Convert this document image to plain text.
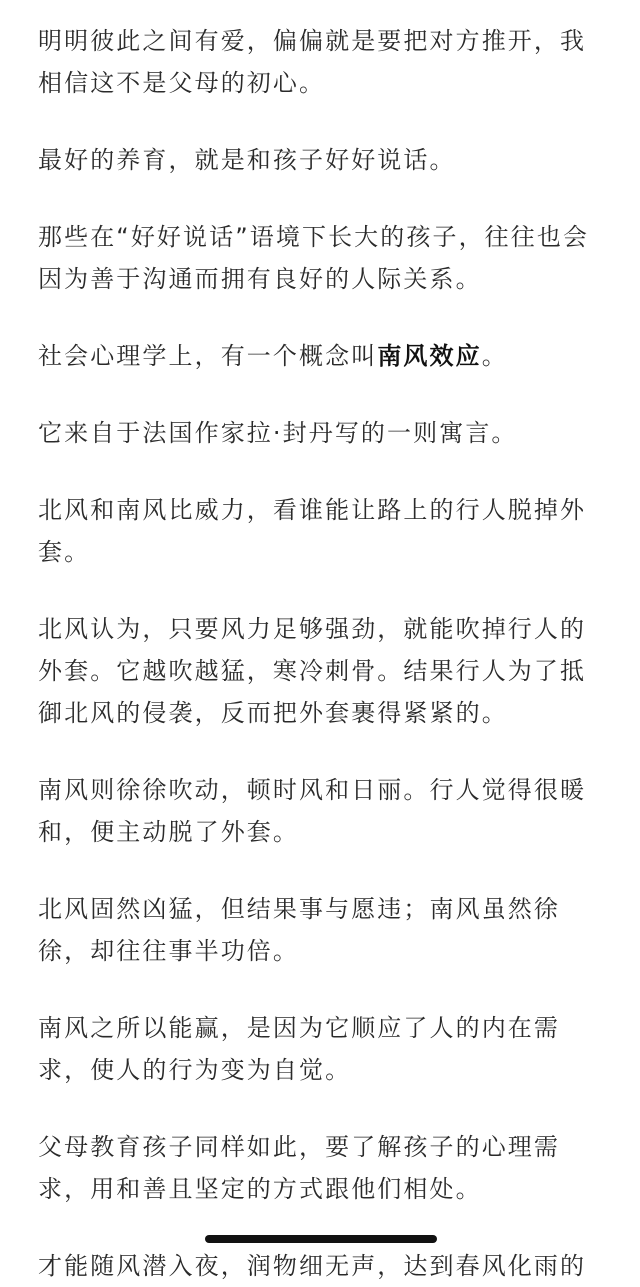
明明彼此之间有爱，偏偏就是要把对方推开，我相信这不是父母的初心。

最好的养育，就是和孩子好好说话。

那些在“好好说话”语境下长大的孩子，往往也会因为善于沟通而拥有良好的人际关系。

社会心理学上，有一个概念叫南风效应。

它来自于法国作家拉·封丹写的一则寓言。

北风和南风比威力，看谁能让路上的行人脱掉外套。

北风认为，只要风力足够强劲，就能吹掉行人的外套。它越吹越猛，寒冷刺骨。结果行人为了抵御北风的侵袭，反而把外套裹得紧紧的。

南风则徐徐吹动，顿时风和日丽。行人觉得很暖和，便主动脱了外套。

北风固然凶猛，但结果事与愿违；南风虽然徐徐，却往往事半功倍。

南风之所以能赢，是因为它顺应了人的内在需求，使人的行为变为自觉。

父母教育孩子同样如此，要了解孩子的心理需求，用和善且坚定的方式跟他们相处。

才能随风潜入夜，润物细无声，达到春风化雨的
